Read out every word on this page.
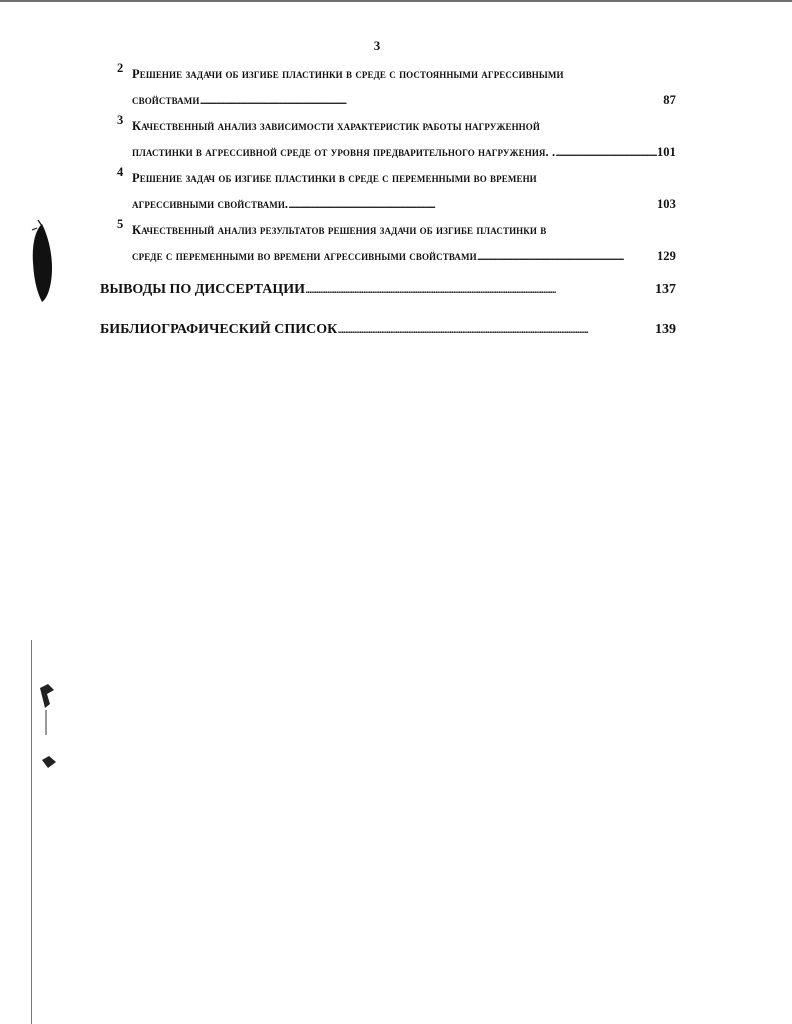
3
2 Решение задачи об изгибе пластинки в среде с постоянными агрессивными
свойствами . . .	87
3 Качественный анализ зависимости характеристик работы нагруженной
пластинки в агрессивной среде от уровня предварительного нагружения. . . . .	101
4 Решение задач об изгибе пластинки в среде с переменными во времени
агрессивными свойствами. . . .	103
5 Качественный анализ результатов решения задачи об изгибе пластинки в
среде с переменными во времени агрессивными свойствами . . .	129
ВЫВОДЫ ПО ДИССЕРТАЦИИ . . .	137
БИБЛИОГРАФИЧЕСКИЙ СПИСОК . . .	139
